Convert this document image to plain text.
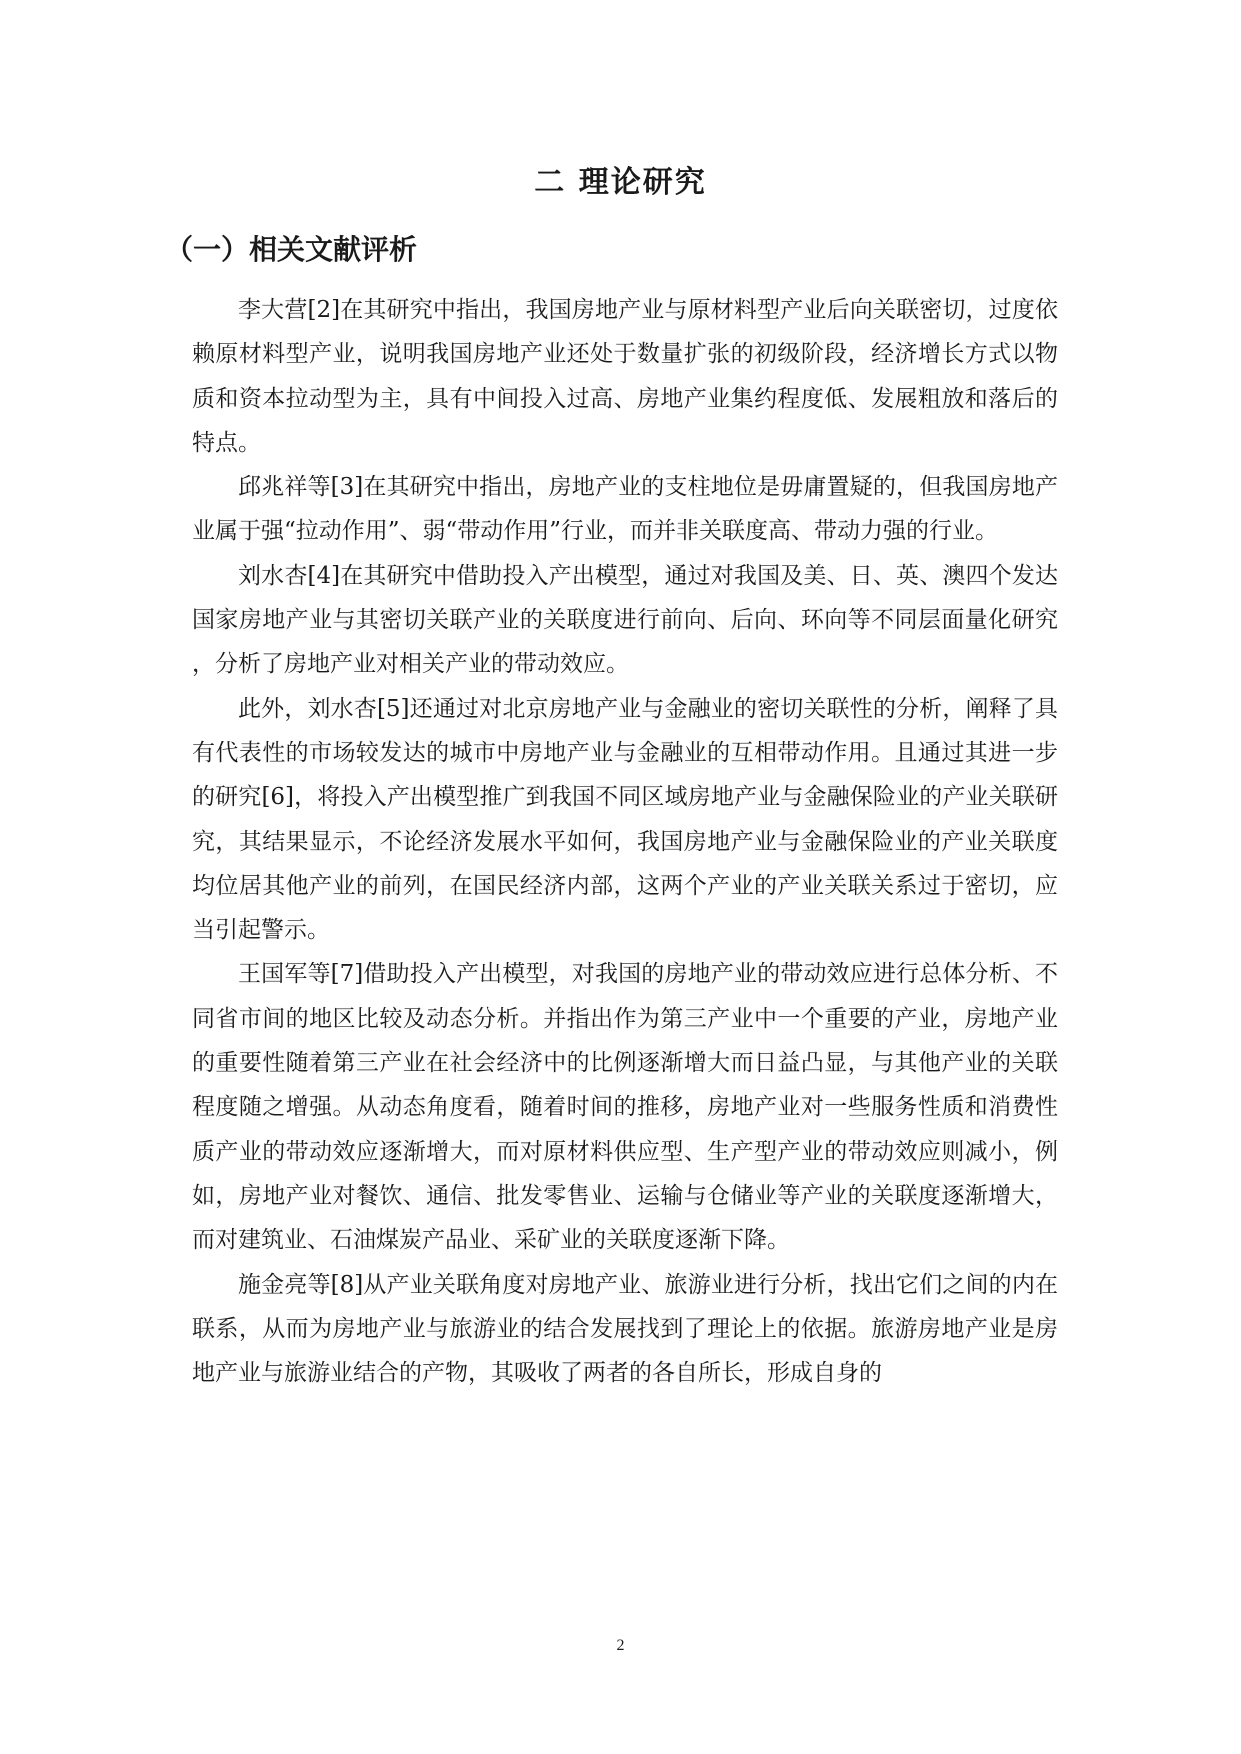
二 理论研究
（一）相关文献评析

李大营[2]在其研究中指出，我国房地产业与原材料型产业后向关联密切，过度依赖原材料型产业，说明我国房地产业还处于数量扩张的初级阶段，经济增长方式以物质和资本拉动型为主，具有中间投入过高、房地产业集约程度低、发展粗放和落后的特点。

邱兆祥等[3]在其研究中指出，房地产业的支柱地位是毋庸置疑的，但我国房地产业属于强“拉动作用”、弱“带动作用”行业，而并非关联度高、带动力强的行业。

刘水杏[4]在其研究中借助投入产出模型，通过对我国及美、日、英、澳四个发达国家房地产业与其密切关联产业的关联度进行前向、后向、环向等不同层面量化研究，分析了房地产业对相关产业的带动效应。

此外，刘水杏[5]还通过对北京房地产业与金融业的密切关联性的分析，阐释了具有代表性的市场较发达的城市中房地产业与金融业的互相带动作用。且通过其进一步的研究[6]，将投入产出模型推广到我国不同区域房地产业与金融保险业的产业关联研究，其结果显示，不论经济发展水平如何，我国房地产业与金融保险业的产业关联度均位居其他产业的前列，在国民经济内部，这两个产业的产业关联关系过于密切，应当引起警示。

王国军等[7]借助投入产出模型，对我国的房地产业的带动效应进行总体分析、不同省市间的地区比较及动态分析。并指出作为第三产业中一个重要的产业，房地产业的重要性随着第三产业在社会经济中的比例逐渐增大而日益凸显，与其他产业的关联程度随之增强。从动态角度看，随着时间的推移，房地产业对一些服务性质和消费性质产业的带动效应逐渐增大，而对原材料供应型、生产型产业的带动效应则减小，例如，房地产业对餐饮、通信、批发零售业、运输与仓储业等产业的关联度逐渐增大，而对建筑业、石油煤炭产品业、采矿业的关联度逐渐下降。

施金亮等[8]从产业关联角度对房地产业、旅游业进行分析，找出它们之间的内在联系，从而为房地产业与旅游业的结合发展找到了理论上的依据。旅游房地产业是房地产业与旅游业结合的产物，其吸收了两者的各自所长，形成自身的

2
